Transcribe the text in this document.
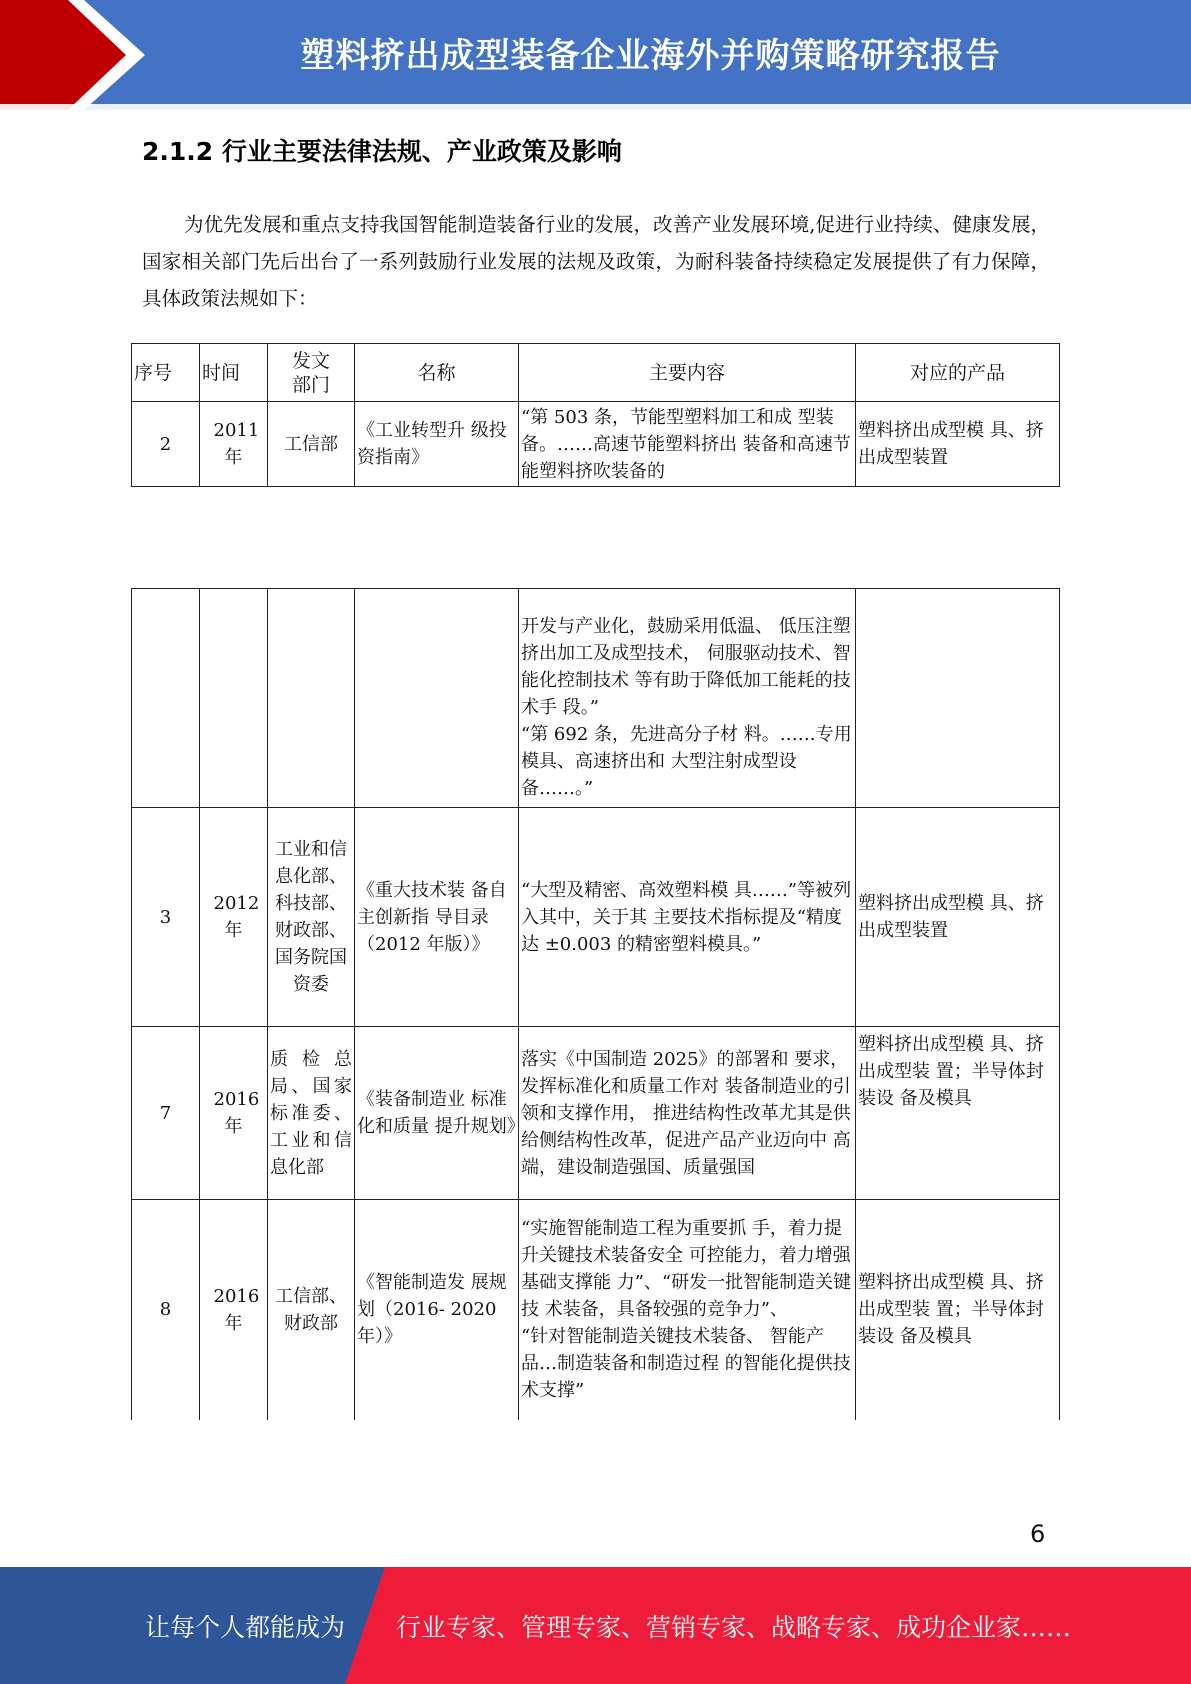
塑料挤出成型装备企业海外并购策略研究报告
2.1.2 行业主要法律法规、产业政策及影响

为优先发展和重点支持我国智能制造装备行业的发展，改善产业发展环境,促进行业持续、健康发展，国家相关部门先后出台了一系列鼓励行业发展的法规及政策，为耐科装备持续稳定发展提供了有力保障，具体政策法规如下：

序号	时间	发文部门	名称	主要内容	对应的产品
2	2011年	工信部	《工业转型升 级投资指南》	“第 503 条，节能型塑料加工和成 型装备。……高速节能塑料挤出 装备和高速节能塑料挤吹装备的	塑料挤出成型模 具、挤出成型装置
				开发与产业化，鼓励采用低温、 低压注塑挤出加工及成型技术， 伺服驱动技术、智能化控制技术 等有助于降低加工能耗的技术手 段。”
“第 692 条，先进高分子材 料。……专用模具、高速挤出和 大型注射成型设备……。”	
3	2012年	工业和信息化部、科技部、财政部、国务院国资委	《重大技术装 备自主创新指 导目录（2012 年版）》	“大型及精密、高效塑料模 具……”等被列入其中，关于其 主要技术指标提及“精度达 ±0.003 的精密塑料模具。”	塑料挤出成型模 具、挤出成型装置
7	2016年	质检总局、国家标准委、工业和信 息化部	《装备制造业 标准化和质量 提升规划》	落实《中国制造 2025》的部署和 要求，发挥标准化和质量工作对 装备制造业的引领和支撑作用， 推进结构性改革尤其是供给侧结构性改革，促进产品产业迈向中 高端，建设制造强国、质量强国	塑料挤出成型模 具、挤出成型装 置；半导体封装设 备及模具
8	2016年	工信部、财政部	《智能制造发 展规划（2016- 2020 年）》	“实施智能制造工程为重要抓 手，着力提升关键技术装备安全 可控能力，着力增强基础支撑能 力”、“研发一批智能制造关键技 术装备，具备较强的竞争力”、
“针对智能制造关键技术装备、 智能产品…制造装备和制造过程 的智能化提供技术支撑”	塑料挤出成型模 具、挤出成型装 置；半导体封装设 备及模具
6
让每个人都能成为 行业专家、管理专家、营销专家、战略专家、成功企业家……
